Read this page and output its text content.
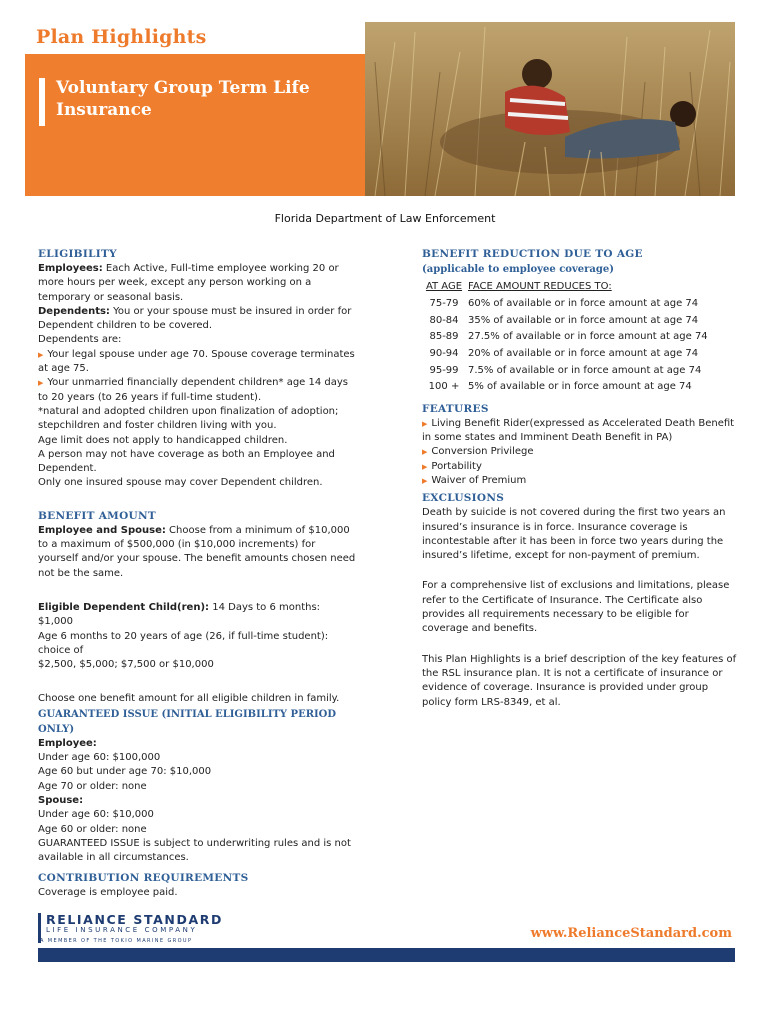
Voluntary Group Term Life Insurance
Plan Highlights
Florida Department of Law Enforcement
ELIGIBILITY
Employees: Each Active, Full-time employee working 20 or more hours per week, except any person working on a temporary or seasonal basis.
Dependents: You or your spouse must be insured in order for Dependent children to be covered.
Dependents are:
▶ Your legal spouse under age 70. Spouse coverage terminates at age 75.
▶ Your unmarried financially dependent children* age 14 days to 20 years (to 26 years if full-time student).
*natural and adopted children upon finalization of adoption; stepchildren and foster children living with you.
Age limit does not apply to handicapped children.
A person may not have coverage as both an Employee and Dependent.
Only one insured spouse may cover Dependent children.
BENEFIT AMOUNT
Employee and Spouse: Choose from a minimum of $10,000 to a maximum of $500,000 (in $10,000 increments) for yourself and/or your spouse. The benefit amounts chosen need not be the same.
Eligible Dependent Child(ren): 14 Days to 6 months: $1,000
Age 6 months to 20 years of age (26, if full-time student): choice of
$2,500, $5,000; $7,500 or $10,000
Choose one benefit amount for all eligible children in family.
GUARANTEED ISSUE (INITIAL ELIGIBILITY PERIOD ONLY)
Employee:
Under age 60: $100,000
Age 60 but under age 70: $10,000
Age 70 or older: none
Spouse:
Under age 60: $10,000
Age 60 or older: none
GUARANTEED ISSUE is subject to underwriting rules and is not available in all circumstances.
CONTRIBUTION REQUIREMENTS
Coverage is employee paid.
BENEFIT REDUCTION DUE TO AGE
(applicable to employee coverage)
AT AGE FACE AMOUNT REDUCES TO:
75-79 60% of available or in force amount at age 74
80-84 35% of available or in force amount at age 74
85-89 27.5% of available or in force amount at age 74
90-94 20% of available or in force amount at age 74
95-99 7.5% of available or in force amount at age 74
100 + 5% of available or in force amount at age 74
FEATURES
▶ Living Benefit Rider(expressed as Accelerated Death Benefit in some states and Imminent Death Benefit in PA)
▶ Conversion Privilege
▶ Portability
▶ Waiver of Premium
EXCLUSIONS
Death by suicide is not covered during the first two years an insured’s insurance is in force. Insurance coverage is incontestable after it has been in force two years during the insured’s lifetime, except for non-payment of premium.
For a comprehensive list of exclusions and limitations, please refer to the Certificate of Insurance. The Certificate also provides all requirements necessary to be eligible for coverage and benefits.
This Plan Highlights is a brief description of the key features of the RSL insurance plan. It is not a certificate of insurance or evidence of coverage. Insurance is provided under group policy form LRS-8349, et al.
RELIANCE STANDARD
LIFE INSURANCE COMPANY
A MEMBER OF THE TOKIO MARINE GROUP	www.RelianceStandard.com
